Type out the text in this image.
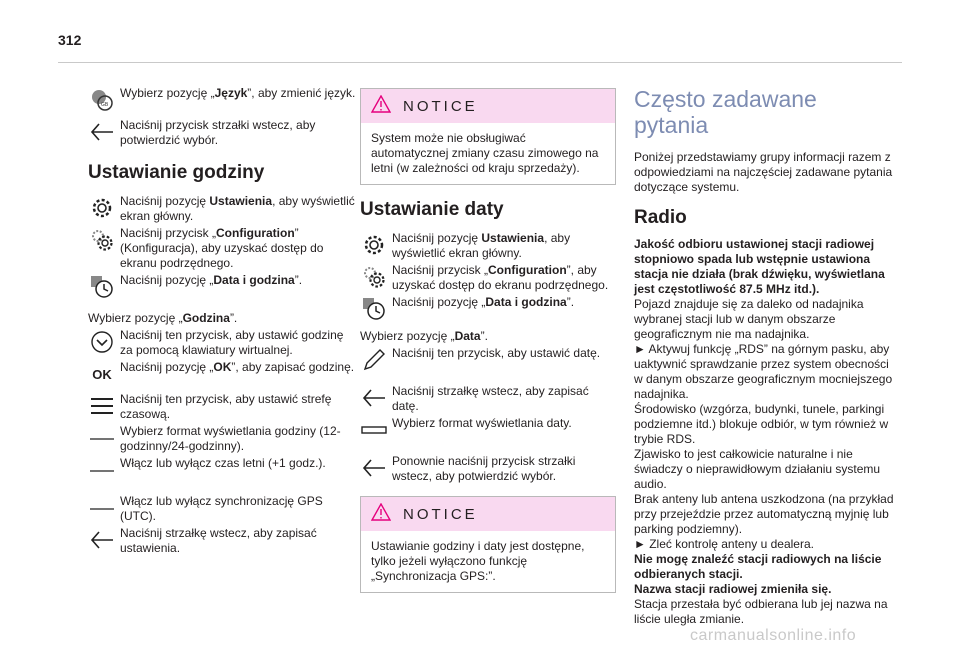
312
GB
Wybierz pozycję „Język”, aby zmienić język.
Naciśnij przycisk strzałki wstecz, aby potwierdzić wybór.
Ustawianie godziny
Naciśnij pozycję Ustawienia, aby wyświetlić ekran główny.
Naciśnij przycisk „Configuration” (Konfiguracja), aby uzyskać dostęp do ekranu podrzędnego.
Naciśnij pozycję „Data i godzina”.
Wybierz pozycję „Godzina”.
Naciśnij ten przycisk, aby ustawić godzinę za pomocą klawiatury wirtualnej.
OK Naciśnij pozycję „OK”, aby zapisać godzinę.
Naciśnij ten przycisk, aby ustawić strefę czasową.
Wybierz format wyświetlania godziny (12-godzinny/24-godzinny).
Włącz lub wyłącz czas letni (+1 godz.).
Włącz lub wyłącz synchronizację GPS (UTC).
Naciśnij strzałkę wstecz, aby zapisać ustawienia.
NOTICE
System może nie obsługiwać automatycznej zmiany czasu zimowego na letni (w zależności od kraju sprzedaży).
Ustawianie daty
Naciśnij pozycję Ustawienia, aby wyświetlić ekran główny.
Naciśnij przycisk „Configuration”, aby uzyskać dostęp do ekranu podrzędnego.
Naciśnij pozycję „Data i godzina”.
Wybierz pozycję „Data”.
Naciśnij ten przycisk, aby ustawić datę.
Naciśnij strzałkę wstecz, aby zapisać datę.
Wybierz format wyświetlania daty.
Ponownie naciśnij przycisk strzałki wstecz, aby potwierdzić wybór.
NOTICE
Ustawianie godziny i daty jest dostępne, tylko jeżeli wyłączono funkcję „Synchronizacja GPS:”.
Często zadawane pytania
Poniżej przedstawiamy grupy informacji razem z odpowiedziami na najczęściej zadawane pytania dotyczące systemu.
Radio
Jakość odbioru ustawionej stacji radiowej stopniowo spada lub wstępnie ustawiona stacja nie działa (brak dźwięku, wyświetlana jest częstotliwość 87.5 MHz itd.).
Pojazd znajduje się za daleko od nadajnika wybranej stacji lub w danym obszarze geograficznym nie ma nadajnika.
► Aktywuj funkcję „RDS” na górnym pasku, aby uaktywnić sprawdzanie przez system obecności w danym obszarze geograficznym mocniejszego nadajnika.
Środowisko (wzgórza, budynki, tunele, parkingi podziemne itd.) blokuje odbiór, w tym również w trybie RDS.
Zjawisko to jest całkowicie naturalne i nie świadczy o nieprawidłowym działaniu systemu audio.
Brak anteny lub antena uszkodzona (na przykład przy przejeździe przez automatyczną myjnię lub parking podziemny).
► Zleć kontrolę anteny u dealera.
Nie mogę znaleźć stacji radiowych na liście odbieranych stacji.
Nazwa stacji radiowej zmieniła się.
Stacja przestała być odbierana lub jej nazwa na liście uległa zmianie.
carmanualsonline.info
